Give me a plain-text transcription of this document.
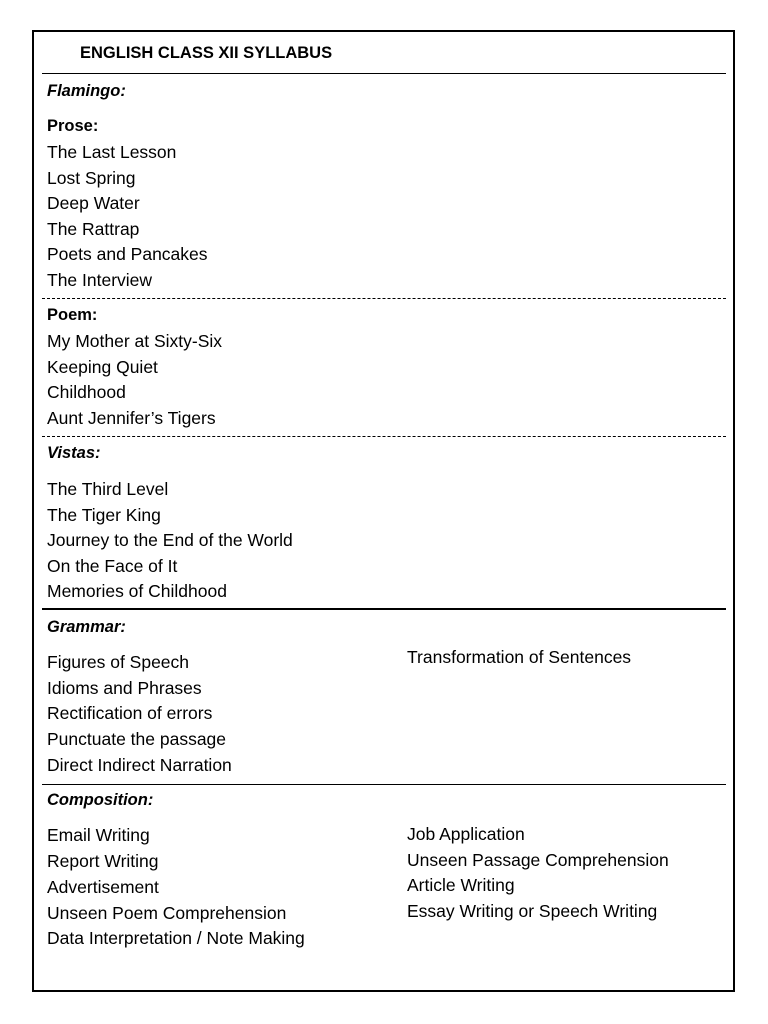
ENGLISH CLASS XII SYLLABUS
Flamingo:
Prose:
The Last Lesson
Lost Spring
Deep Water
The Rattrap
Poets and Pancakes
The Interview
Poem:
My Mother at Sixty-Six
Keeping Quiet
Childhood
Aunt Jennifer’s Tigers
Vistas:
The Third Level
The Tiger King
Journey to the End of the World
On the Face of It
Memories of Childhood
Grammar:
Figures of Speech
Idioms and Phrases
Rectification of errors
Punctuate the passage
Direct Indirect Narration
Transformation of Sentences
Composition:
Email Writing
Report Writing
Advertisement
Unseen Poem Comprehension
Data Interpretation / Note Making
Job Application
Unseen Passage Comprehension
Article Writing
Essay Writing or Speech Writing
